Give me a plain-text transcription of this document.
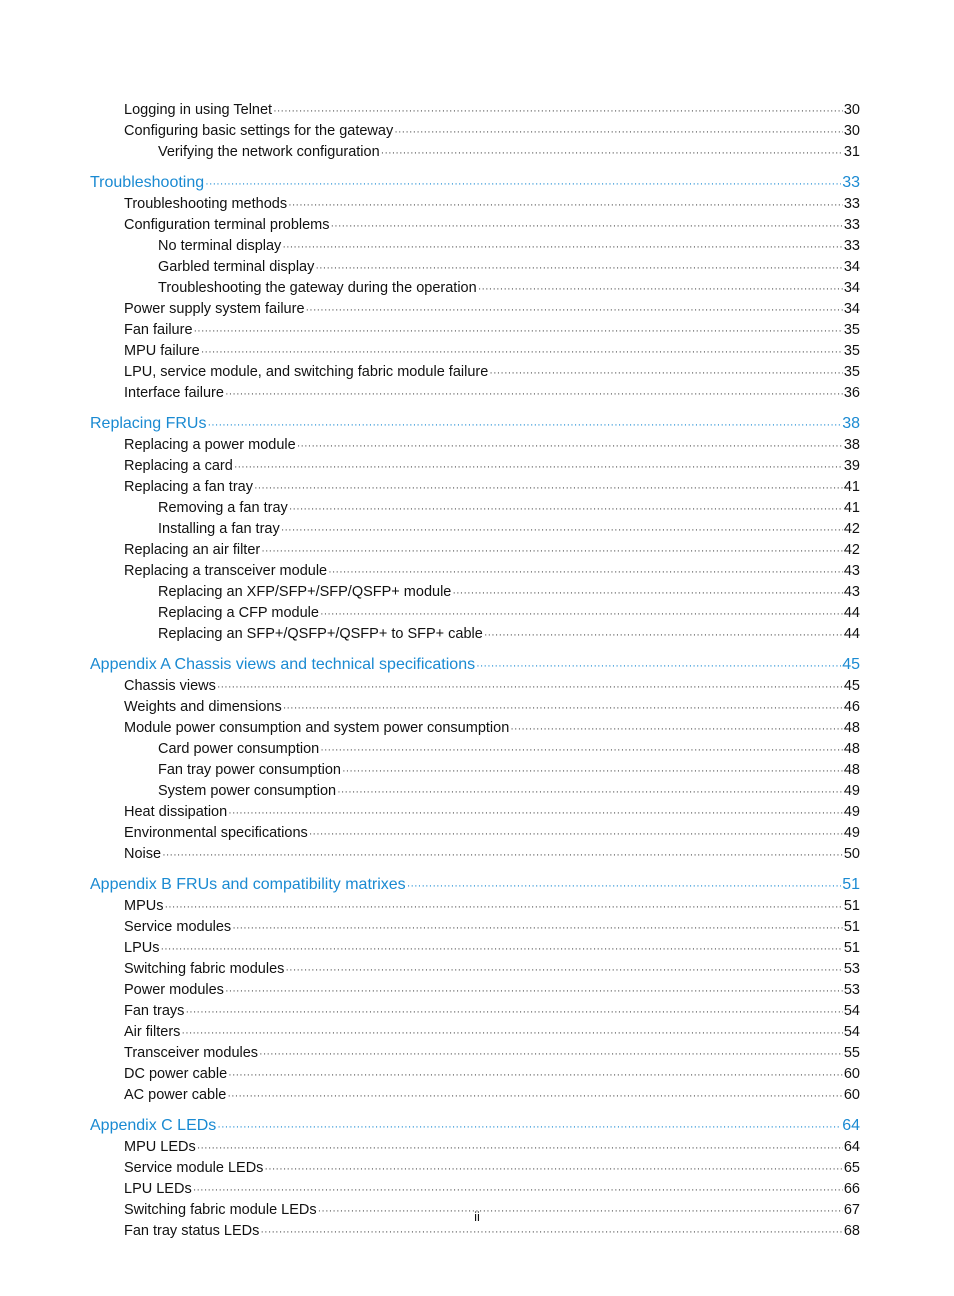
Logging in using Telnet ·····	30
Configuring basic settings for the gateway ·····	30
Verifying the network configuration ·····	31
Troubleshooting ·····	33
Troubleshooting methods ·····	33
Configuration terminal problems ·····	33
No terminal display ·····	33
Garbled terminal display ·····	34
Troubleshooting the gateway during the operation ·····	34
Power supply system failure ·····	34
Fan failure ·····	35
MPU failure ·····	35
LPU, service module, and switching fabric module failure ·····	35
Interface failure ·····	36
Replacing FRUs ·····	38
Replacing a power module ·····	38
Replacing a card ·····	39
Replacing a fan tray ·····	41
Removing a fan tray ·····	41
Installing a fan tray ·····	42
Replacing an air filter ·····	42
Replacing a transceiver module ·····	43
Replacing an XFP/SFP+/SFP/QSFP+ module ·····	43
Replacing a CFP module ·····	44
Replacing an SFP+/QSFP+/QSFP+ to SFP+ cable ·····	44
Appendix A Chassis views and technical specifications ·····	45
Chassis views ·····	45
Weights and dimensions ·····	46
Module power consumption and system power consumption ·····	48
Card power consumption ·····	48
Fan tray power consumption ·····	48
System power consumption ·····	49
Heat dissipation ·····	49
Environmental specifications ·····	49
Noise ·····	50
Appendix B FRUs and compatibility matrixes ·····	51
MPUs ·····	51
Service modules ·····	51
LPUs ·····	51
Switching fabric modules ·····	53
Power modules ·····	53
Fan trays ·····	54
Air filters ·····	54
Transceiver modules ·····	55
DC power cable ·····	60
AC power cable ·····	60
Appendix C LEDs ·····	64
MPU LEDs ·····	64
Service module LEDs ·····	65
LPU LEDs ·····	66
Switching fabric module LEDs ·····	67
Fan tray status LEDs ·····	68
ii
